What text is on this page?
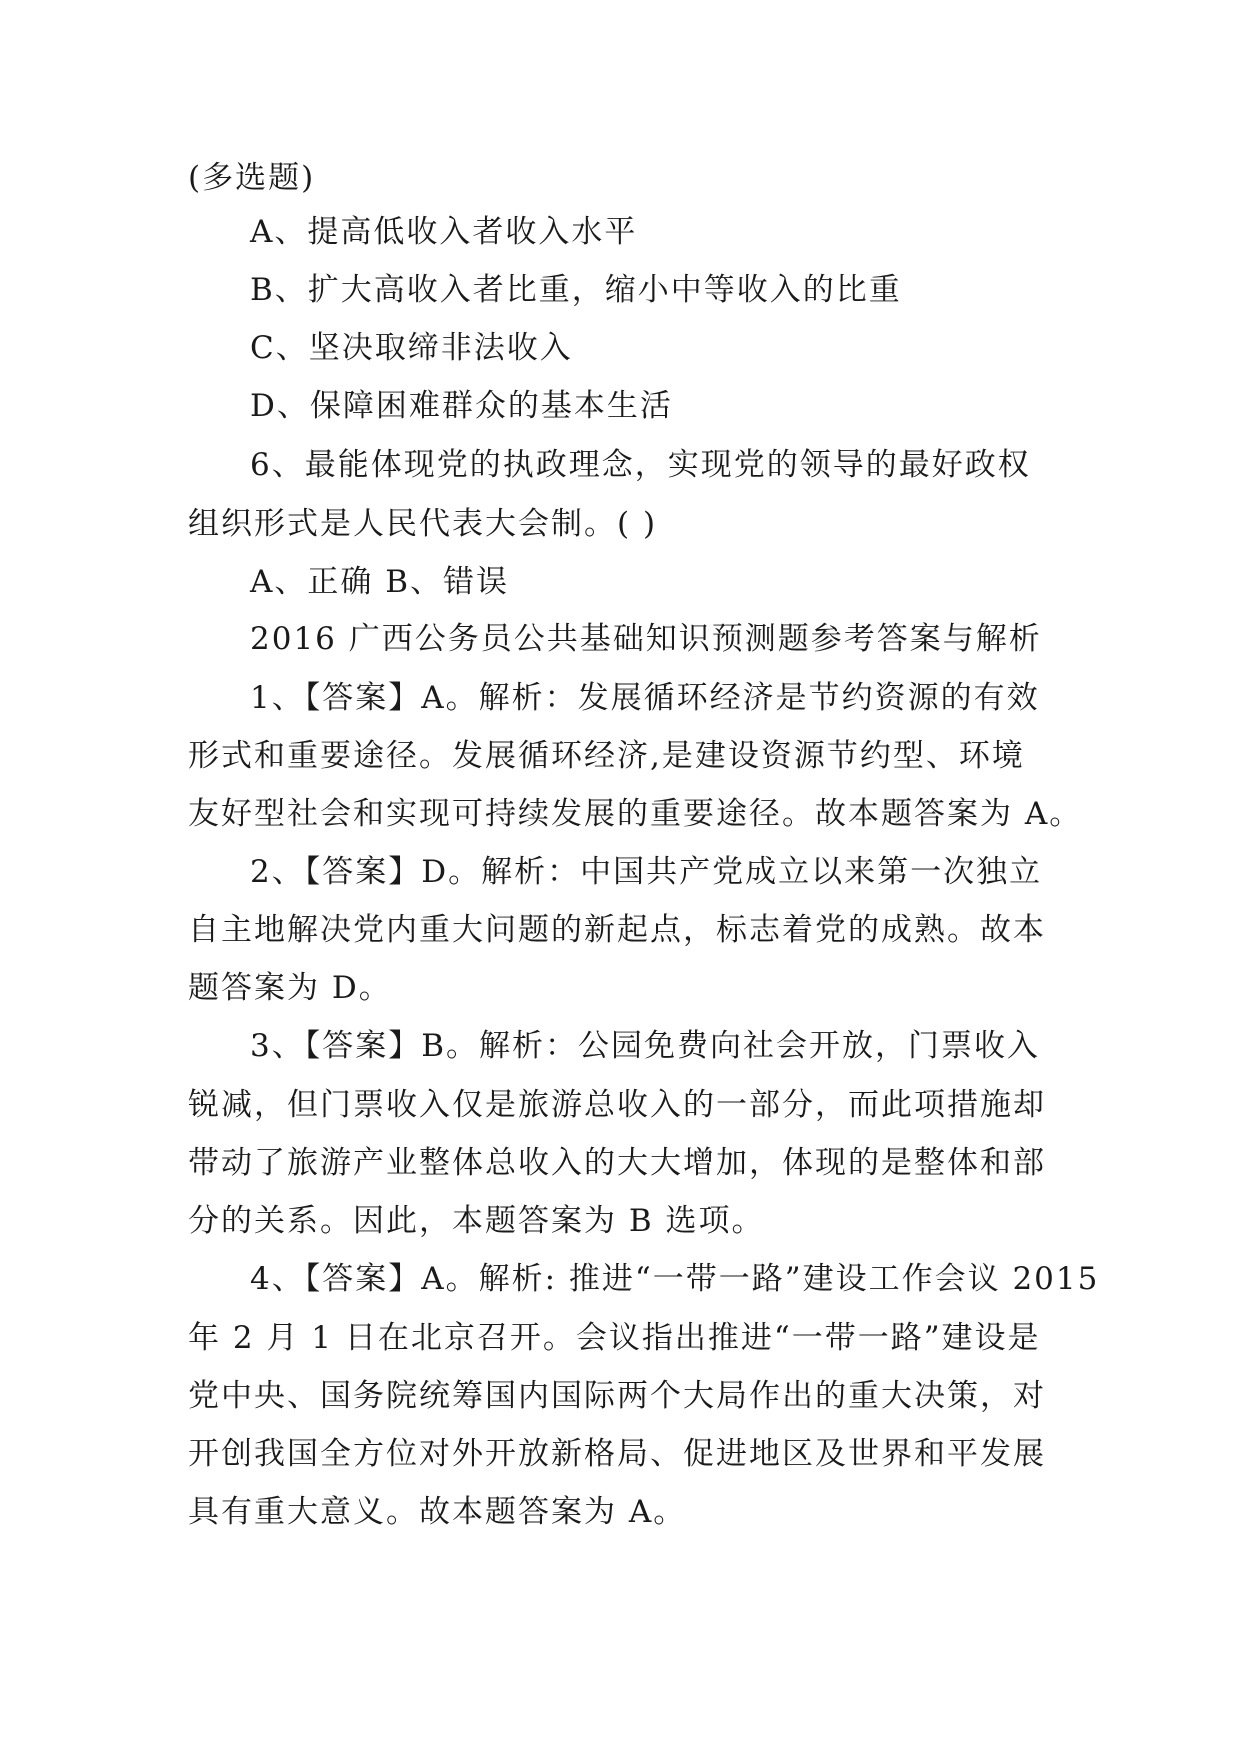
(多选题)
A、提高低收入者收入水平
B、扩大高收入者比重，缩小中等收入的比重
C、坚决取缔非法收入
D、保障困难群众的基本生活
6、最能体现党的执政理念，实现党的领导的最好政权
组织形式是人民代表大会制。( )
A、正确 B、错误
2016 广西公务员公共基础知识预测题参考答案与解析
1、【答案】A。解析：发展循环经济是节约资源的有效
形式和重要途径。发展循环经济,是建设资源节约型、环境
友好型社会和实现可持续发展的重要途径。故本题答案为 A。
2、【答案】D。解析：中国共产党成立以来第一次独立
自主地解决党内重大问题的新起点，标志着党的成熟。故本
题答案为 D。
3、【答案】B。解析：公园免费向社会开放，门票收入
锐减，但门票收入仅是旅游总收入的一部分，而此项措施却
带动了旅游产业整体总收入的大大增加，体现的是整体和部
分的关系。因此，本题答案为 B 选项。
4、【答案】A。解析: 推进“一带一路”建设工作会议 2015
年 2 月 1 日在北京召开。会议指出推进“一带一路”建设是
党中央、国务院统筹国内国际两个大局作出的重大决策，对
开创我国全方位对外开放新格局、促进地区及世界和平发展
具有重大意义。故本题答案为 A。
